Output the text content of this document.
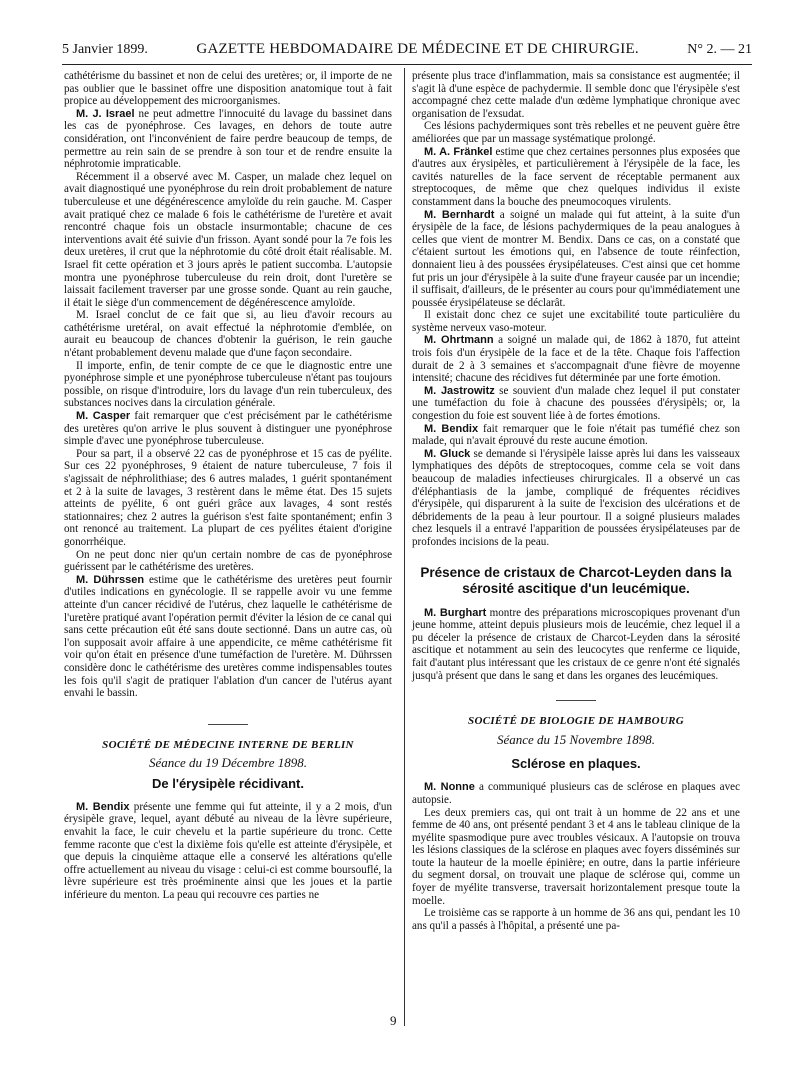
5 Janvier 1899.	GAZETTE HEBDOMADAIRE DE MÉDECINE ET DE CHIRURGIE.	N° 2. — 21

cathétérisme du bassinet et non de celui des uretères; or, il importe de ne pas oublier que le bassinet offre une disposition anatomique tout à fait propice au développement des microorganismes.

M. J. Israel ne peut admettre l'innocuité du lavage du bassinet dans les cas de pyonéphrose. Ces lavages, en dehors de toute autre considération, ont l'inconvénient de faire perdre beaucoup de temps, de permettre au rein sain de se prendre à son tour et de rendre ensuite la néphrotomie impraticable.

Récemment il a observé avec M. Casper, un malade chez lequel on avait diagnostiqué une pyonéphrose du rein droit probablement de nature tuberculeuse et une dégénérescence amyloïde du rein gauche. M. Casper avait pratiqué chez ce malade 6 fois le cathétérisme de l'uretère et avait rencontré chaque fois un obstacle insurmontable; chacune de ces interventions avait été suivie d'un frisson. Ayant sondé pour la 7e fois les deux uretères, il crut que la néphrotomie du côté droit était réalisable. M. Israel fit cette opération et 3 jours après le patient succomba. L'autopsie montra une pyonéphrose tuberculeuse du rein droit, dont l'uretère se laissait facilement traverser par une grosse sonde. Quant au rein gauche, il était le siège d'un commencement de dégénérescence amyloïde.

M. Israel conclut de ce fait que si, au lieu d'avoir recours au cathétérisme uretéral, on avait effectué la néphrotomie d'emblée, on aurait eu beaucoup de chances d'obtenir la guérison, le rein gauche n'étant probablement devenu malade que d'une façon secondaire.

Il importe, enfin, de tenir compte de ce que le diagnostic entre une pyonéphrose simple et une pyonéphrose tuberculeuse n'étant pas toujours possible, on risque d'introduire, lors du lavage d'un rein tuberculeux, des substances nocives dans la circulation générale.

M. Casper fait remarquer que c'est précisément par le cathétérisme des uretères qu'on arrive le plus souvent à distinguer une pyonéphrose simple d'avec une pyonéphrose tuberculeuse.

Pour sa part, il a observé 22 cas de pyonéphrose et 15 cas de pyélite. Sur ces 22 pyonéphroses, 9 étaient de nature tuberculeuse, 7 fois il s'agissait de néphrolithiase; des 6 autres malades, 1 guérit spontanément et 2 à la suite de lavages, 3 restèrent dans le même état. Des 15 sujets atteints de pyélite, 6 ont guéri grâce aux lavages, 4 sont restés stationnaires; chez 2 autres la guérison s'est faite spontanément; enfin 3 ont renoncé au traitement. La plupart de ces pyélites étaient d'origine gonorrhéique.

On ne peut donc nier qu'un certain nombre de cas de pyonéphrose guérissent par le cathétérisme des uretères.

M. Dührssen estime que le cathétérisme des uretères peut fournir d'utiles indications en gynécologie. Il se rappelle avoir vu une femme atteinte d'un cancer récidivé de l'utérus, chez laquelle le cathétérisme de l'uretère pratiqué avant l'opération permit d'éviter la lésion de ce canal qui sans cette précaution eût été sans doute sectionné. Dans un autre cas, où l'on supposait avoir affaire à une appendicite, ce même cathétérisme fit voir qu'on était en présence d'une tuméfaction de l'uretère. M. Dührssen considère donc le cathétérisme des uretères comme indispensables toutes les fois qu'il s'agit de pratiquer l'ablation d'un cancer de l'utérus ayant envahi le bassin.

SOCIÉTÉ DE MÉDECINE INTERNE DE BERLIN

Séance du 19 Décembre 1898.

De l'érysipèle récidivant.

M. Bendix présente une femme qui fut atteinte, il y a 2 mois, d'un érysipèle grave, lequel, ayant débuté au niveau de la lèvre supérieure, envahit la face, le cuir chevelu et la partie supérieure du tronc. Cette femme raconte que c'est la dixième fois qu'elle est atteinte d'érysipèle, et que depuis la cinquième attaque elle a conservé les altérations qu'elle offre actuellement au niveau du visage : celui-ci est comme boursouflé, la lèvre supérieure est très proéminente ainsi que les joues et la partie inférieure du menton. La peau qui recouvre ces parties ne

présente plus trace d'inflammation, mais sa consistance est augmentée; il s'agit là d'une espèce de pachydermie. Il semble donc que l'érysipèle s'est accompagné chez cette malade d'un œdème lymphatique chronique avec organisation de l'exsudat.

Ces lésions pachydermiques sont très rebelles et ne peuvent guère être améliorées que par un massage systématique prolongé.

M. A. Fränkel estime que chez certaines personnes plus exposées que d'autres aux érysipèles, et particulièrement à l'érysipèle de la face, les cavités naturelles de la face servent de réceptable permanent aux streptocoques, de même que chez quelques individus il existe constamment dans la bouche des pneumocoques virulents.

M. Bernhardt a soigné un malade qui fut atteint, à la suite d'un érysipèle de la face, de lésions pachydermiques de la peau analogues à celles que vient de montrer M. Bendix. Dans ce cas, on a constaté que c'étaient surtout les émotions qui, en l'absence de toute réinfection, donnaient lieu à des poussées érysipélateuses. C'est ainsi que cet homme fut pris un jour d'érysipèle à la suite d'une frayeur causée par un incendie; il suffisait, d'ailleurs, de le présenter au cours pour qu'immédiatement une poussée érysipélateuse se déclarât.

Il existait donc chez ce sujet une excitabilité toute particulière du système nerveux vaso-moteur.

M. Ohrtmann a soigné un malade qui, de 1862 à 1870, fut atteint trois fois d'un érysipèle de la face et de la tête. Chaque fois l'affection durait de 2 à 3 semaines et s'accompagnait d'une fièvre de moyenne intensité; chacune des récidives fut déterminée par une forte émotion.

M. Jastrowitz se souvient d'un malade chez lequel il put constater une tuméfaction du foie à chacune des poussées d'érysipèls; or, la congestion du foie est souvent liée à de fortes émotions.

M. Bendix fait remarquer que le foie n'était pas tuméfié chez son malade, qui n'avait éprouvé du reste aucune émotion.

M. Gluck se demande si l'érysipèle laisse après lui dans les vaisseaux lymphatiques des dépôts de streptocoques, comme cela se voit dans beaucoup de maladies infectieuses chirurgicales. Il a observé un cas d'éléphantiasis de la jambe, compliqué de fréquentes récidives d'érysipèle, qui disparurent à la suite de l'excision des ulcérations et de débridements de la peau à leur pourtour. Il a soigné plusieurs malades chez lesquels il a entravé l'apparition de poussées érysipélateuses par de profondes incisions de la peau.

Présence de cristaux de Charcot-Leyden dans la sérosité ascitique d'un leucémique.

M. Burghart montre des préparations microscopiques provenant d'un jeune homme, atteint depuis plusieurs mois de leucémie, chez lequel il a pu déceler la présence de cristaux de Charcot-Leyden dans la sérosité ascitique et notamment au sein des leucocytes que renferme ce liquide, fait d'autant plus intéressant que les cristaux de ce genre n'ont été signalés jusqu'à présent que dans le sang et dans les organes des leucémiques.

SOCIÉTÉ DE BIOLOGIE DE HAMBOURG

Séance du 15 Novembre 1898.

Sclérose en plaques.

M. Nonne a communiqué plusieurs cas de sclérose en plaques avec autopsie.

Les deux premiers cas, qui ont trait à un homme de 22 ans et une femme de 40 ans, ont présenté pendant 3 et 4 ans le tableau clinique de la myélite spasmodique pure avec troubles vésicaux. A l'autopsie on trouva les lésions classiques de la sclérose en plaques avec foyers disséminés sur toute la hauteur de la moelle épinière; en outre, dans la partie inférieure du segment dorsal, on trouvait une plaque de sclérose qui, comme un foyer de myélite transverse, traversait horizontalement presque toute la moelle.

Le troisième cas se rapporte à un homme de 36 ans qui, pendant les 10 ans qu'il a passés à l'hôpital, a présenté une pa-

9
